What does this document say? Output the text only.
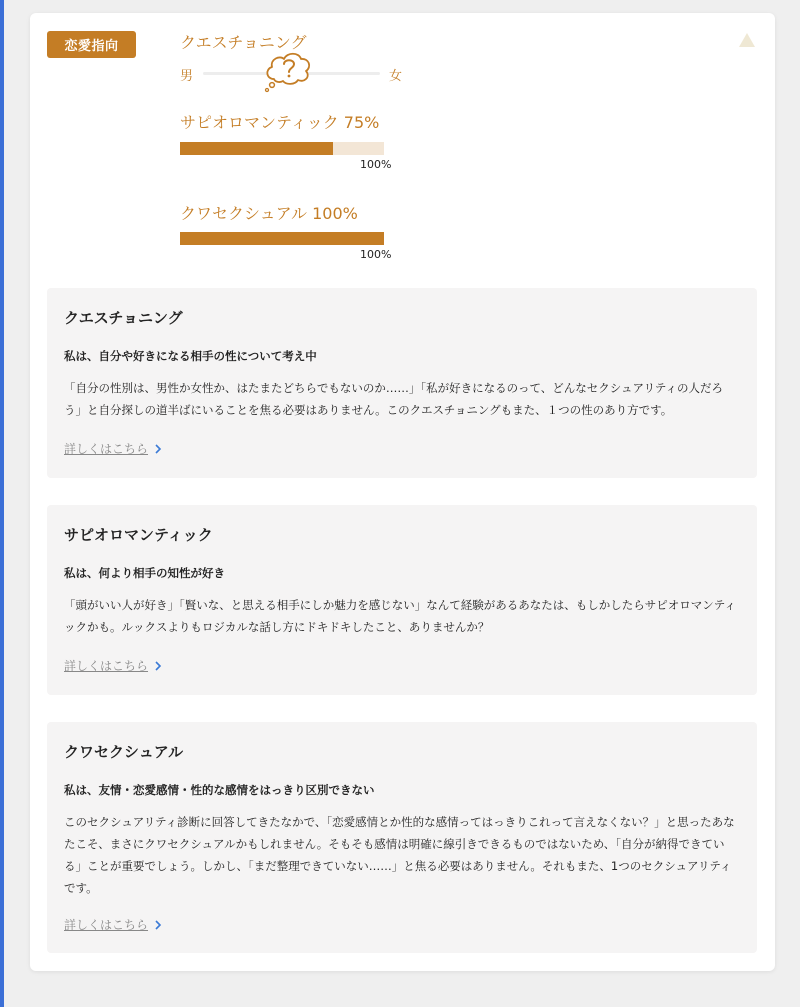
恋愛指向	クエスチョニング
男	女
サピオロマンティック 75%
100%
クワセクシュアル 100%
100%
クエスチョニング
私は、自分や好きになる相手の性について考え中
「自分の性別は、男性か女性か、はたまたどちらでもないのか……」「私が好きになるのって、どんなセクシュアリティの人だろう」と自分探しの道半ばにいることを焦る必要はありません。このクエスチョニングもまた、１つの性のあり方です。
詳しくはこちら
サピオロマンティック
私は、何より相手の知性が好き
「頭がいい人が好き」「賢いな、と思える相手にしか魅力を感じない」なんて経験があるあなたは、もしかしたらサピオロマンティックかも。ルックスよりもロジカルな話し方にドキドキしたこと、ありませんか？
詳しくはこちら
クワセクシュアル
私は、友情・恋愛感情・性的な感情をはっきり区別できない
このセクシュアリティ診断に回答してきたなかで、「恋愛感情とか性的な感情ってはっきりこれって言えなくない？」と思ったあなたこそ、まさにクワセクシュアルかもしれません。そもそも感情は明確に線引きできるものではないため、「自分が納得できている」ことが重要でしょう。しかし、「まだ整理できていない……」と焦る必要はありません。それもまた、1つのセクシュアリティです。
詳しくはこちら
